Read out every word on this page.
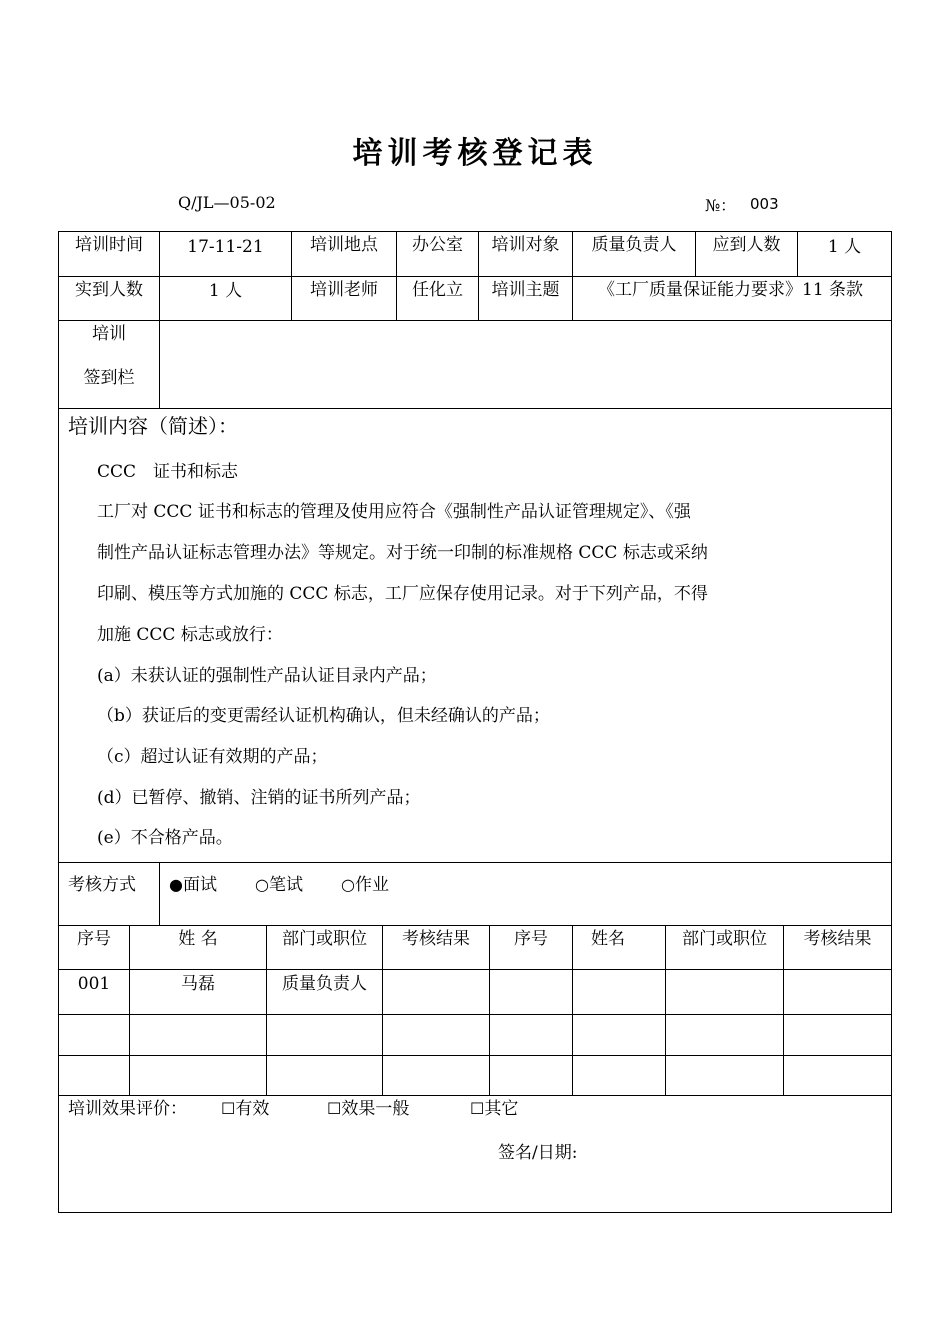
培训考核登记表
Q/JL—05-02	№： 003
培训时间	17-11-21	培训地点	办公室	培训对象	质量负责人	应到人数	1 人
实到人数	1 人	培训老师	任化立	培训主题	《工厂质量保证能力要求》11 条款
培训
签到栏
培训内容（简述）：
CCC　证书和标志
工厂对 CCC 证书和标志的管理及使用应符合《强制性产品认证管理规定》、《强
制性产品认证标志管理办法》等规定。对于统一印制的标准规格 CCC 标志或采纳
印刷、模压等方式加施的 CCC 标志，工厂应保存使用记录。对于下列产品，不得
加施 CCC 标志或放行：
(a）未获认证的强制性产品认证目录内产品；
（b）获证后的变更需经认证机构确认，但未经确认的产品；
（c）超过认证有效期的产品；
(d）已暂停、撤销、注销的证书所列产品；
(e）不合格产品。
考核方式 ●面试 ○笔试 ○作业
序号	姓 名	部门或职位	考核结果	序号	姓名	部门或职位	考核结果
001	马磊	质量负责人
培训效果评价： ☐有效	☐效果一般	☐其它
签名/日期:
